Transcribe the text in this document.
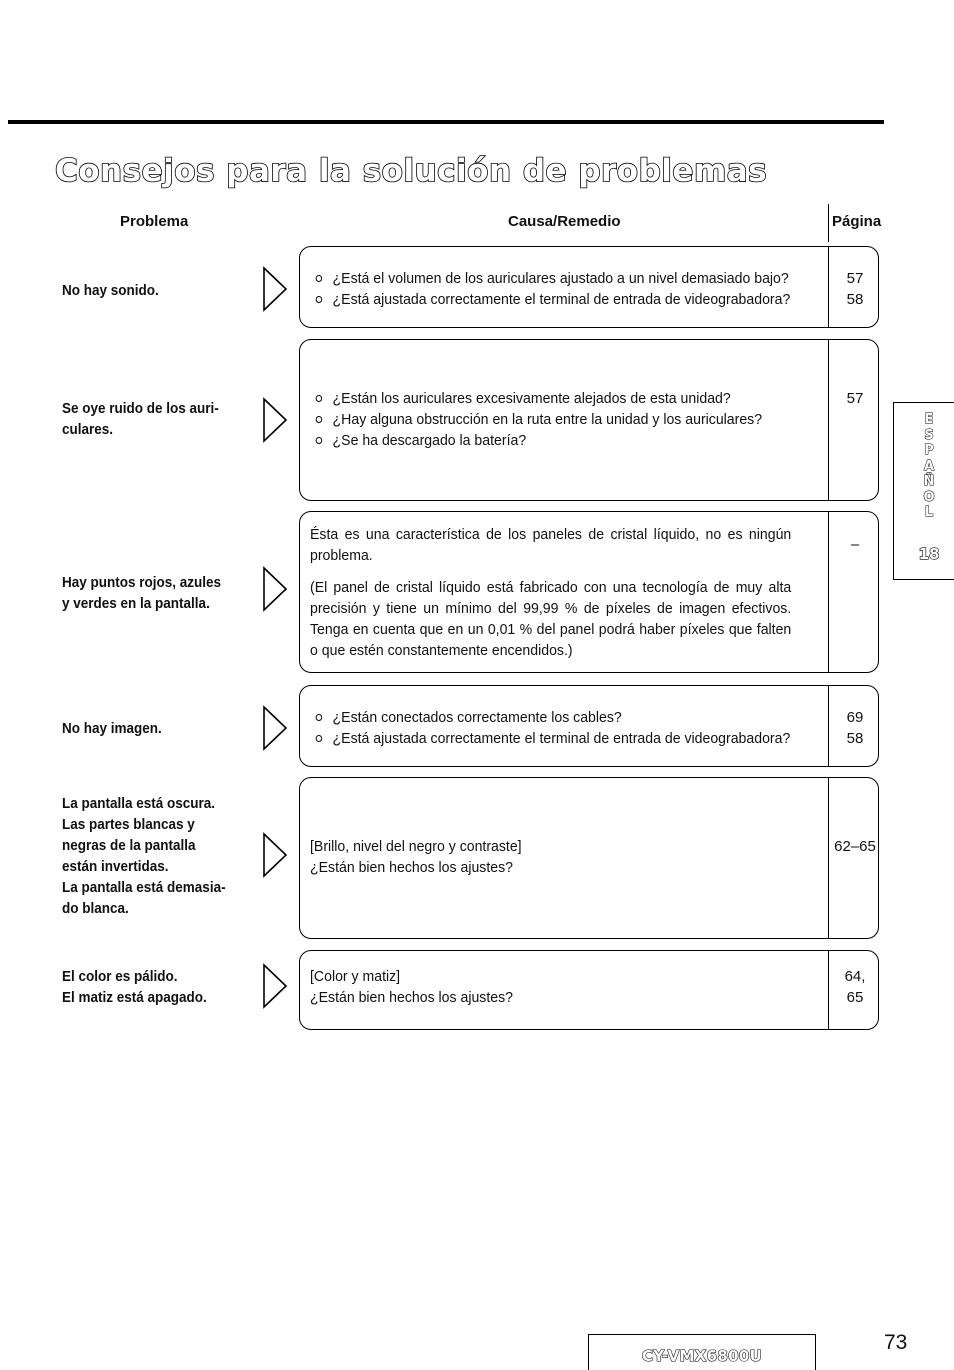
Consejos para la solución de problemas
Problema	Causa/Remedio	Página
No hay sonido.
¿Está el volumen de los auriculares ajustado a un nivel demasiado bajo?
¿Está ajustada correctamente el terminal de entrada de videograbadora?
57
58
Se oye ruido de los auri-
culares.
¿Están los auriculares excesivamente alejados de esta unidad?
¿Hay alguna obstrucción en la ruta entre la unidad y los auriculares?
¿Se ha descargado la batería?
57
Hay puntos rojos, azules
y verdes en la pantalla.

Ésta es una característica de los paneles de cristal líquido, no es ningún problema.

(El panel de cristal líquido está fabricado con una tecnología de muy alta precisión y tiene un mínimo del 99,99 % de píxeles de imagen efectivos. Tenga en cuenta que en un 0,01 % del panel podrá haber píxeles que falten o que estén constantemente encendidos.)

–
No hay imagen.
¿Están conectados correctamente los cables?
¿Está ajustada correctamente el terminal de entrada de videograbadora?
69
58
La pantalla está oscura.
Las partes blancas y
negras de la pantalla
están invertidas.
La pantalla está demasia-
do blanca.

[Brillo, nivel del negro y contraste]

¿Están bien hechos los ajustes?

62–65
El color es pálido.
El matiz está apagado.

[Color y matiz]

¿Están bien hechos los ajustes?

64,
65
E
S
P
A
Ñ
O
L
18
CY-VMX6800U
73
